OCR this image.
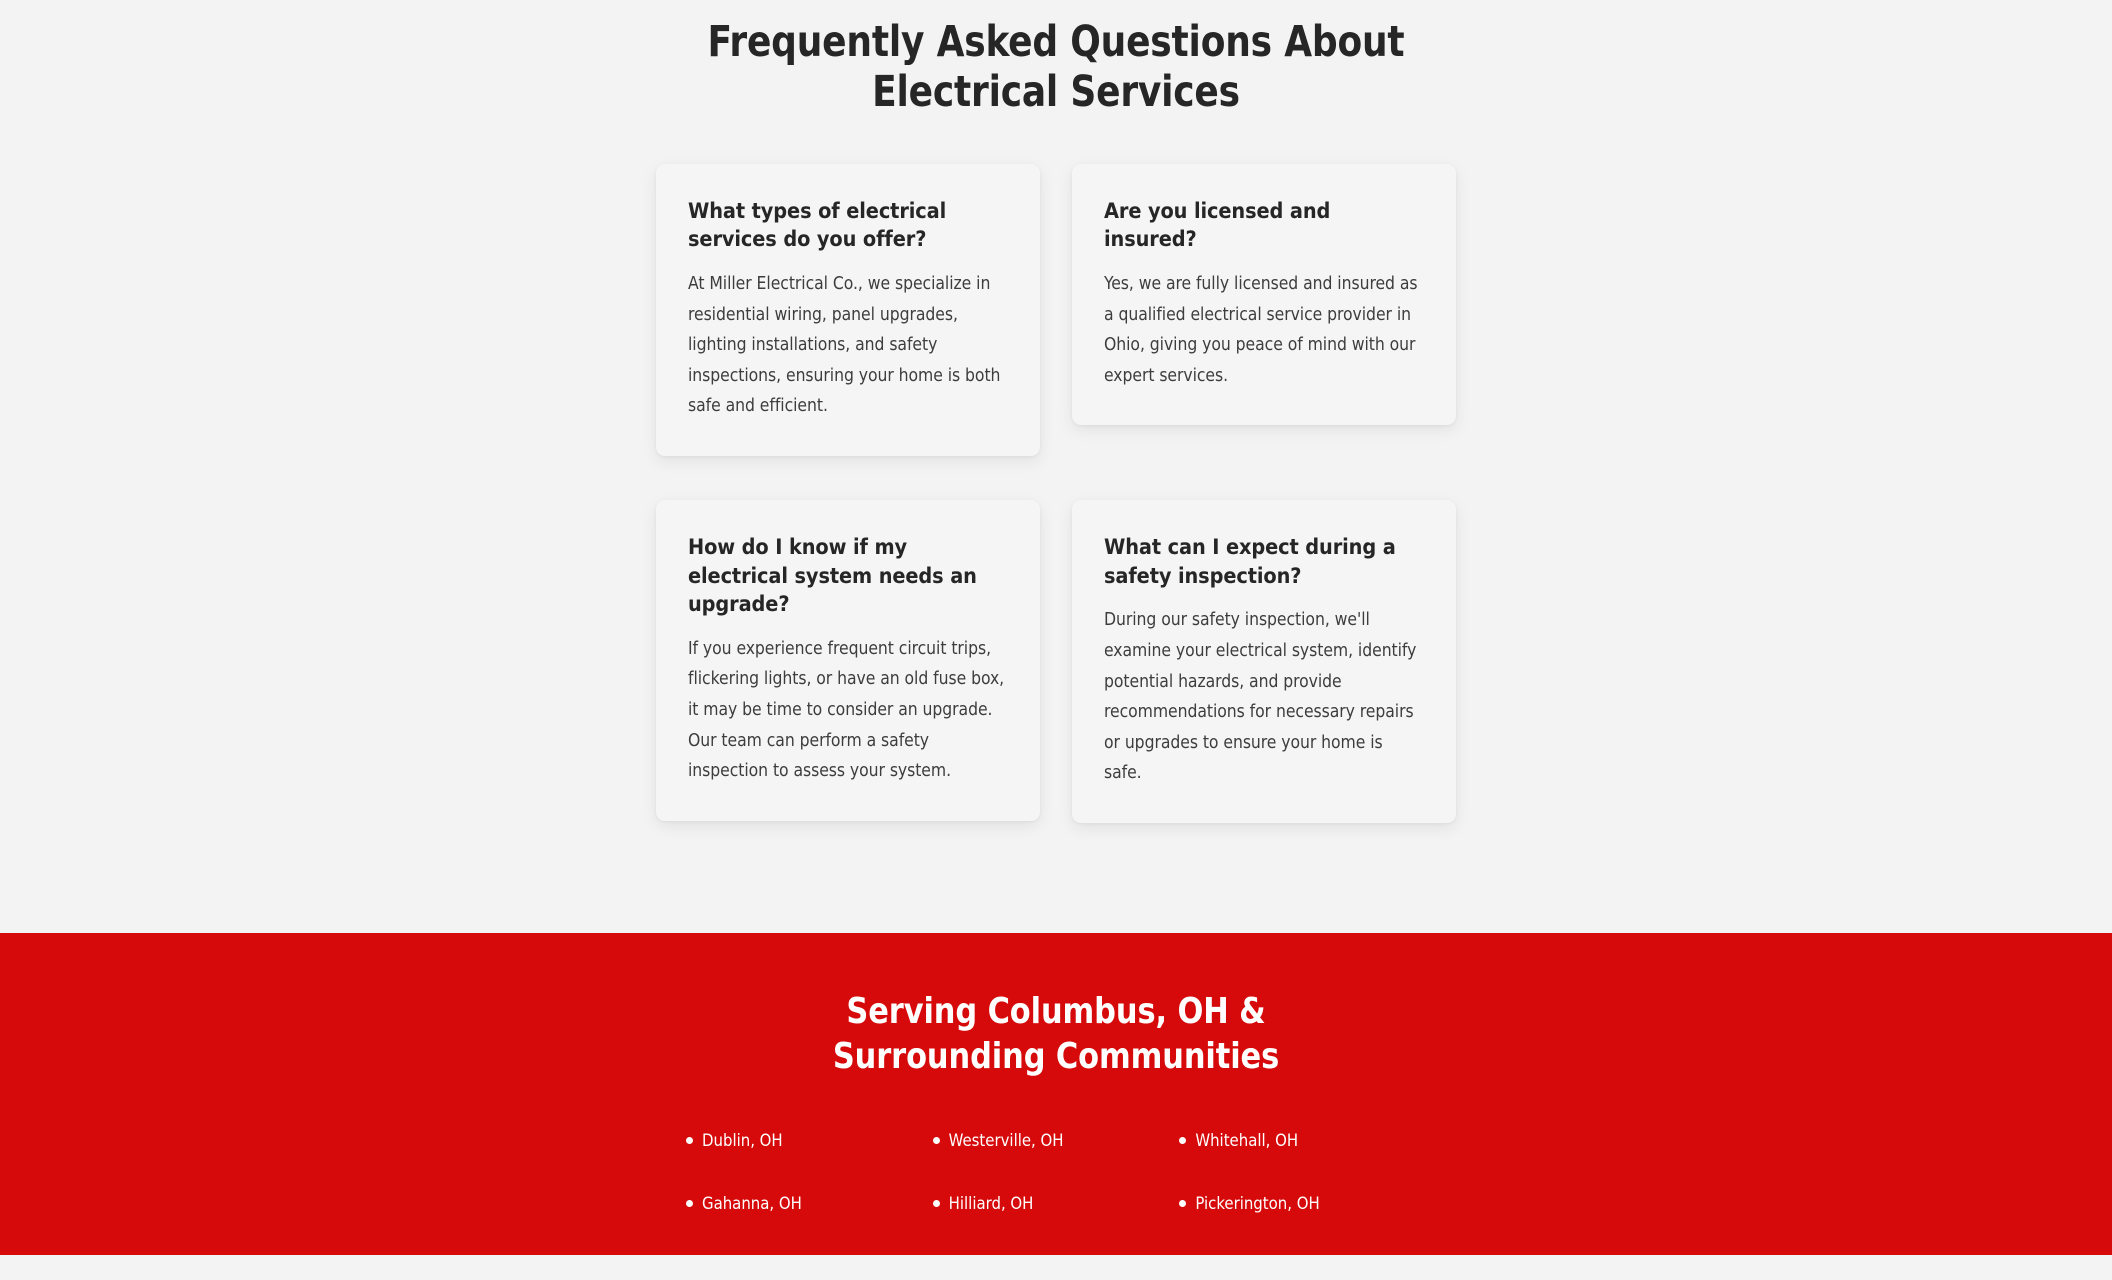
Frequently Asked Questions About
Electrical Services
What types of electrical services do you offer?

At Miller Electrical Co., we specialize in residential wiring, panel upgrades, lighting installations, and safety inspections, ensuring your home is both safe and efficient.

Are you licensed and insured?

Yes, we are fully licensed and insured as a qualified electrical service provider in Ohio, giving you peace of mind with our expert services.

How do I know if my electrical system needs an upgrade?

If you experience frequent circuit trips, flickering lights, or have an old fuse box, it may be time to consider an upgrade. Our team can perform a safety inspection to assess your system.

What can I expect during a safety inspection?

During our safety inspection, we'll examine your electrical system, identify potential hazards, and provide recommendations for necessary repairs or upgrades to ensure your home is safe.

Serving Columbus, OH &
Surrounding Communities
Dublin, OH	Westerville, OH	Whitehall, OH
Gahanna, OH	Hilliard, OH	Pickerington, OH
